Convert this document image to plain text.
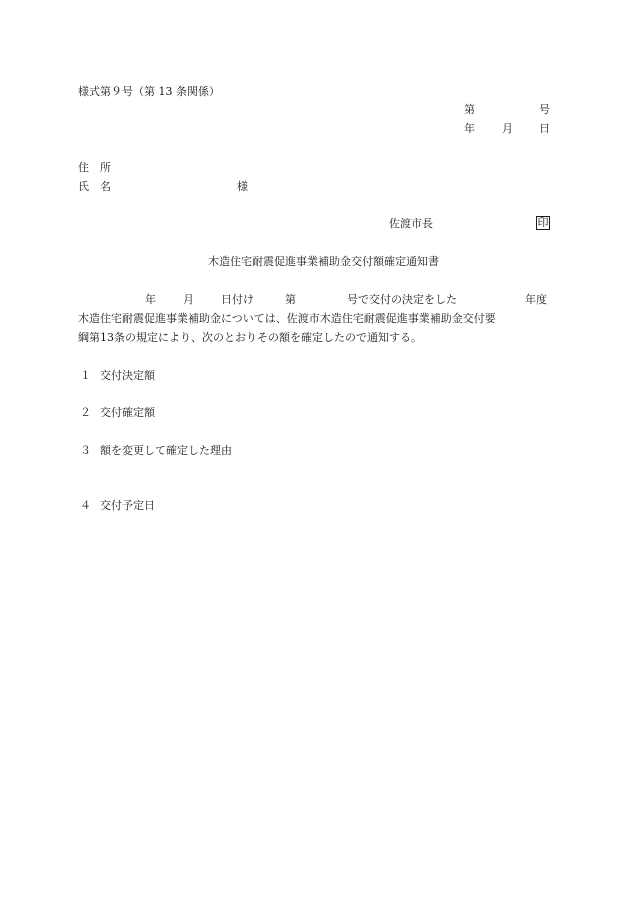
様式第９号（第 13 条関係）
第	号
年 月 日
住　所
氏　名	様
佐渡市長	印
木造住宅耐震促進事業補助金交付額確定通知書
年 月 日付け	第	号で交付の決定をした	年度
木造住宅耐震促進事業補助金については、佐渡市木造住宅耐震促進事業補助金交付要
綱第13条の規定により、次のとおりその額を確定したので通知する。
１ 交付決定額
２ 交付確定額
３ 額を変更して確定した理由
４ 交付予定日
